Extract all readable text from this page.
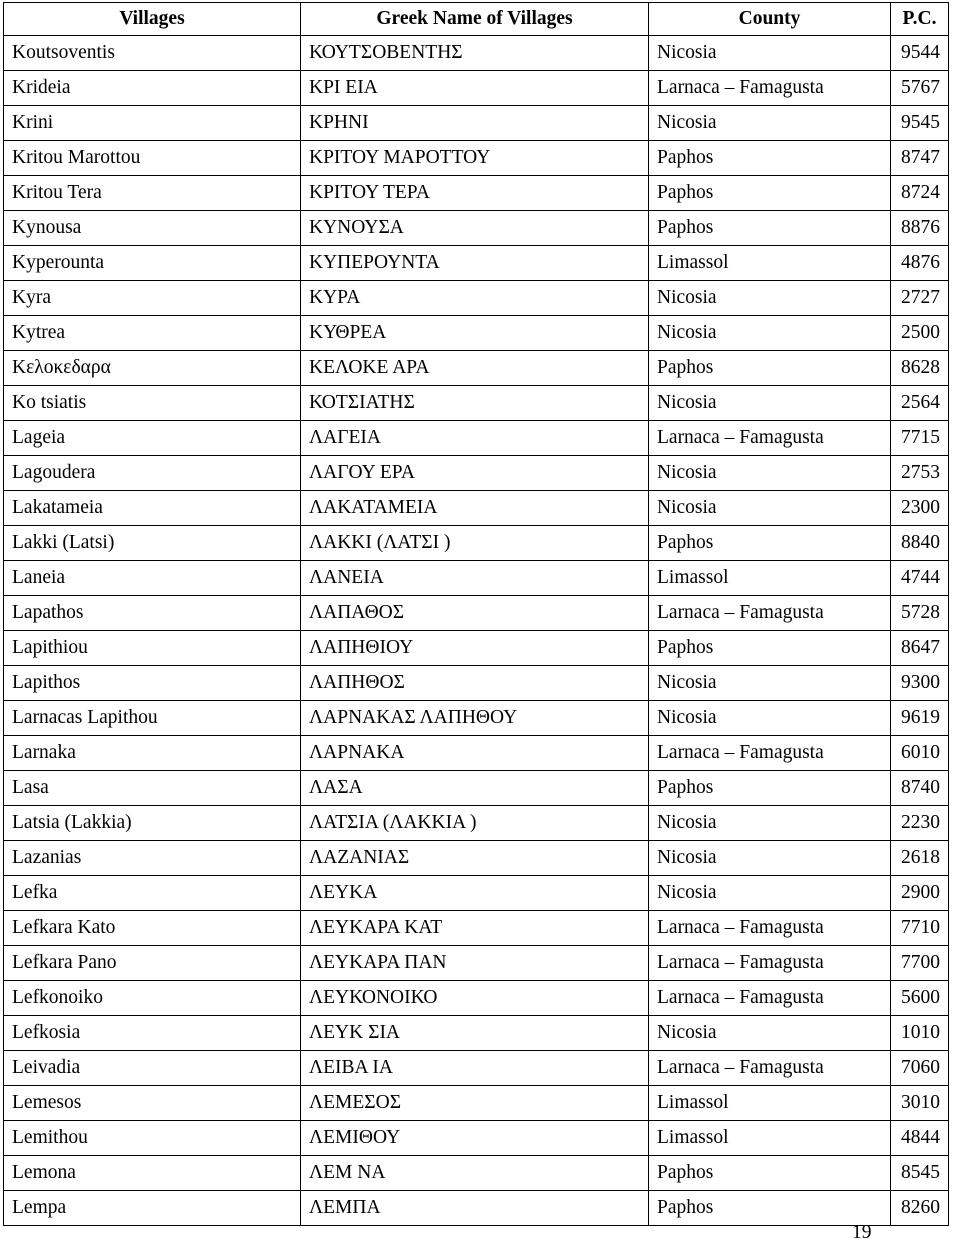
Villages	Greek Name of Villages	County	P.C.
Koutsoventis	ΚΟΥΤΣΟΒΕΝΤΗΣ	Nicosia	9544
Krideia	ΚΡΙ ΕΙΑ	Larnaca – Famagusta	5767
Krini	ΚΡΗΝΙ	Nicosia	9545
Kritou Marottou	ΚΡΙΤΟΥ ΜΑΡΟΤΤΟΥ	Paphos	8747
Kritou Tera	ΚΡΙΤΟΥ ΤΕΡΑ	Paphos	8724
Kynousa	ΚΥΝΟΥΣΑ	Paphos	8876
Kyperounta	ΚΥΠΕΡΟΥΝΤΑ	Limassol	4876
Kyra	ΚΥΡΑ	Nicosia	2727
Kytrea	ΚΥΘΡΕΑ	Nicosia	2500
Κελοκεδαρα	ΚΕΛΟΚΕ ΑΡΑ	Paphos	8628
Ko tsiatis	ΚΟΤΣΙΑΤΗΣ	Nicosia	2564
Lageia	ΛΑΓΕΙΑ	Larnaca – Famagusta	7715
Lagoudera	ΛΑΓΟΥ ΕΡΑ	Nicosia	2753
Lakatameia	ΛΑΚΑΤΑΜΕΙΑ	Nicosia	2300
Lakki (Latsi)	ΛΑΚΚΙ (ΛΑΤΣΙ )	Paphos	8840
Laneia	ΛΑΝΕΙΑ	Limassol	4744
Lapathos	ΛΑΠΑΘΟΣ	Larnaca – Famagusta	5728
Lapithiou	ΛΑΠΗΘΙΟΥ	Paphos	8647
Lapithos	ΛΑΠΗΘΟΣ	Nicosia	9300
Larnacas Lapithou	ΛΑΡΝΑΚΑΣ ΛΑΠΗΘΟΥ	Nicosia	9619
Larnaka	ΛΑΡΝΑΚΑ	Larnaca – Famagusta	6010
Lasa	ΛΑΣΑ	Paphos	8740
Latsia (Lakkia)	ΛΑΤΣΙΑ (ΛΑΚΚΙΑ )	Nicosia	2230
Lazanias	ΛΑΖΑΝΙΑΣ	Nicosia	2618
Lefka	ΛΕΥΚΑ	Nicosia	2900
Lefkara Kato	ΛΕΥΚΑΡΑ ΚΑΤ	Larnaca – Famagusta	7710
Lefkara Pano	ΛΕΥΚΑΡΑ ΠΑΝ	Larnaca – Famagusta	7700
Lefkonoiko	ΛΕΥΚΟΝΟΙΚΟ	Larnaca – Famagusta	5600
Lefkosia	ΛΕΥΚ ΣΙΑ	Nicosia	1010
Leivadia	ΛΕΙΒΑ ΙΑ	Larnaca – Famagusta	7060
Lemesos	ΛΕΜΕΣΟΣ	Limassol	3010
Lemithou	ΛΕΜΙΘΟΥ	Limassol	4844
Lemona	ΛΕΜ ΝΑ	Paphos	8545
Lempa	ΛΕΜΠΑ	Paphos	8260
19
